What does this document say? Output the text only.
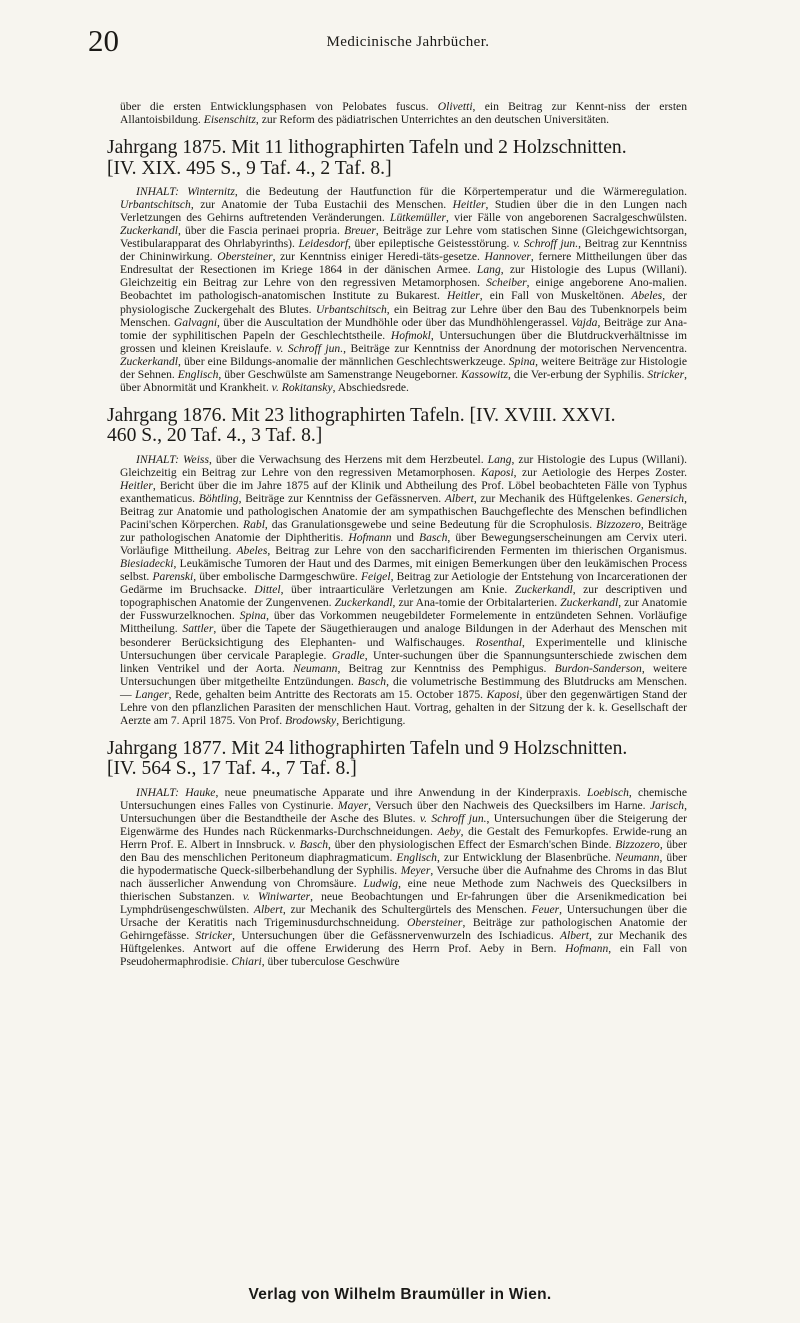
20	Medicinische Jahrbücher.

über die ersten Entwicklungsphasen von Pelobates fuscus. Olivetti, ein Beitrag zur Kennt-niss der ersten Allantoisbildung. Eisenschitz, zur Reform des pädiatrischen Unterrichtes an den deutschen Universitäten.

Jahrgang 1875. Mit 11 lithographirten Tafeln und 2 Holzschnitten.
[IV. XIX. 495 S., 9 Taf. 4., 2 Taf. 8.]

INHALT: Winternitz, die Bedeutung der Hautfunction für die Körpertemperatur und die Wärmeregulation. Urbantschitsch, zur Anatomie der Tuba Eustachii des Menschen. Heitler, Studien über die in den Lungen nach Verletzungen des Gehirns auftretenden Veränderungen. Lütkemüller, vier Fälle von angeborenen Sacralgeschwülsten. Zuckerkandl, über die Fascia perinaei propria. Breuer, Beiträge zur Lehre vom statischen Sinne (Gleichgewichtsorgan, Vestibularapparat des Ohrlabyrinths). Leidesdorf, über epileptische Geistesstörung. v. Schroff jun., Beitrag zur Kenntniss der Chininwirkung. Obersteiner, zur Kenntniss einiger Heredi-täts-gesetze. Hannover, fernere Mittheilungen über das Endresultat der Resectionen im Kriege 1864 in der dänischen Armee. Lang, zur Histologie des Lupus (Willani). Gleichzeitig ein Beitrag zur Lehre von den regressiven Metamorphosen. Scheiber, einige angeborene Ano-malien. Beobachtet im pathologisch-anatomischen Institute zu Bukarest. Heitler, ein Fall von Muskeltönen. Abeles, der physiologische Zuckergehalt des Blutes. Urbantschitsch, ein Beitrag zur Lehre über den Bau des Tubenknorpels beim Menschen. Galvagni, über die Auscultation der Mundhöhle oder über das Mundhöhlengerassel. Vajda, Beiträge zur Ana-tomie der syphilitischen Papeln der Geschlechtstheile. Hofmokl, Untersuchungen über die Blutdruckverhältnisse im grossen und kleinen Kreislaufe. v. Schroff jun., Beiträge zur Kenntniss der Anordnung der motorischen Nervencentra. Zuckerkandl, über eine Bildungs-anomalie der männlichen Geschlechtswerkzeuge. Spina, weitere Beiträge zur Histologie der Sehnen. Englisch, über Geschwülste am Samenstrange Neugeborner. Kassowitz, die Ver-erbung der Syphilis. Stricker, über Abnormität und Krankheit. v. Rokitansky, Abschiedsrede.

Jahrgang 1876. Mit 23 lithographirten Tafeln. [IV. XVIII. XXVI.
460 S., 20 Taf. 4., 3 Taf. 8.]

INHALT: Weiss, über die Verwachsung des Herzens mit dem Herzbeutel. Lang, zur Histologie des Lupus (Willani). Gleichzeitig ein Beitrag zur Lehre von den regressiven Metamorphosen. Kaposi, zur Aetiologie des Herpes Zoster. Heitler, Bericht über die im Jahre 1875 auf der Klinik und Abtheilung des Prof. Löbel beobachteten Fälle von Typhus exanthematicus. Böhtling, Beiträge zur Kenntniss der Gefässnerven. Albert, zur Mechanik des Hüftgelenkes. Genersich, Beitrag zur Anatomie und pathologischen Anatomie der am sympathischen Bauchgeflechte des Menschen befindlichen Pacini'schen Körperchen. Rabl, das Granulationsgewebe und seine Bedeutung für die Scrophulosis. Bizzozero, Beiträge zur pathologischen Anatomie der Diphtheritis. Hofmann und Basch, über Bewegungserscheinungen am Cervix uteri. Vorläufige Mittheilung. Abeles, Beitrag zur Lehre von den saccharificirenden Fermenten im thierischen Organismus. Biesiadecki, Leukämische Tumoren der Haut und des Darmes, mit einigen Bemerkungen über den leukämischen Process selbst. Parenski, über embolische Darmgeschwüre. Feigel, Beitrag zur Aetiologie der Entstehung von Incarcerationen der Gedärme im Bruchsacke. Dittel, über intraarticuläre Verletzungen am Knie. Zuckerkandl, zur descriptiven und topographischen Anatomie der Zungenvenen. Zuckerkandl, zur Ana-tomie der Orbitalarterien. Zuckerkandl, zur Anatomie der Fusswurzelknochen. Spina, über das Vorkommen neugebildeter Formelemente in entzündeten Sehnen. Vorläufige Mittheilung. Sattler, über die Tapete der Säugethieraugen und analoge Bildungen in der Aderhaut des Menschen mit besonderer Berücksichtigung des Elephanten- und Walfischauges. Rosenthal, Experimentelle und klinische Untersuchungen über cervicale Paraplegie. Gradle, Unter-suchungen über die Spannungsunterschiede zwischen dem linken Ventrikel und der Aorta. Neumann, Beitrag zur Kenntniss des Pemphigus. Burdon-Sanderson, weitere Untersuchungen über mitgetheilte Entzündungen. Basch, die volumetrische Bestimmung des Blutdrucks am Menschen. — Langer, Rede, gehalten beim Antritte des Rectorats am 15. October 1875. Kaposi, über den gegenwärtigen Stand der Lehre von den pflanzlichen Parasiten der menschlichen Haut. Vortrag, gehalten in der Sitzung der k. k. Gesellschaft der Aerzte am 7. April 1875. Von Prof. Brodowsky, Berichtigung.

Jahrgang 1877. Mit 24 lithographirten Tafeln und 9 Holzschnitten.
[IV. 564 S., 17 Taf. 4., 7 Taf. 8.]

INHALT: Hauke, neue pneumatische Apparate und ihre Anwendung in der Kinderpraxis. Loebisch, chemische Untersuchungen eines Falles von Cystinurie. Mayer, Versuch über den Nachweis des Quecksilbers im Harne. Jarisch, Untersuchungen über die Bestandtheile der Asche des Blutes. v. Schroff jun., Untersuchungen über die Steigerung der Eigenwärme des Hundes nach Rückenmarks-Durchschneidungen. Aeby, die Gestalt des Femurkopfes. Erwide-rung an Herrn Prof. E. Albert in Innsbruck. v. Basch, über den physiologischen Effect der Esmarch'schen Binde. Bizzozero, über den Bau des menschlichen Peritoneum diaphragmaticum. Englisch, zur Entwicklung der Blasenbrüche. Neumann, über die hypodermatische Queck-silberbehandlung der Syphilis. Meyer, Versuche über die Aufnahme des Chroms in das Blut nach äusserlicher Anwendung von Chromsäure. Ludwig, eine neue Methode zum Nachweis des Quecksilbers in thierischen Substanzen. v. Winiwarter, neue Beobachtungen und Er-fahrungen über die Arsenikmedication bei Lymphdrüsengeschwülsten. Albert, zur Mechanik des Schultergürtels des Menschen. Feuer, Untersuchungen über die Ursache der Keratitis nach Trigeminusdurchschneidung. Obersteiner, Beiträge zur pathologischen Anatomie der Gehirngefässe. Stricker, Untersuchungen über die Gefässnervenwurzeln des Ischiadicus. Albert, zur Mechanik des Hüftgelenkes. Antwort auf die offene Erwiderung des Herrn Prof. Aeby in Bern. Hofmann, ein Fall von Pseudohermaphrodisie. Chiari, über tuberculose Geschwüre

Verlag von Wilhelm Braumüller in Wien.
